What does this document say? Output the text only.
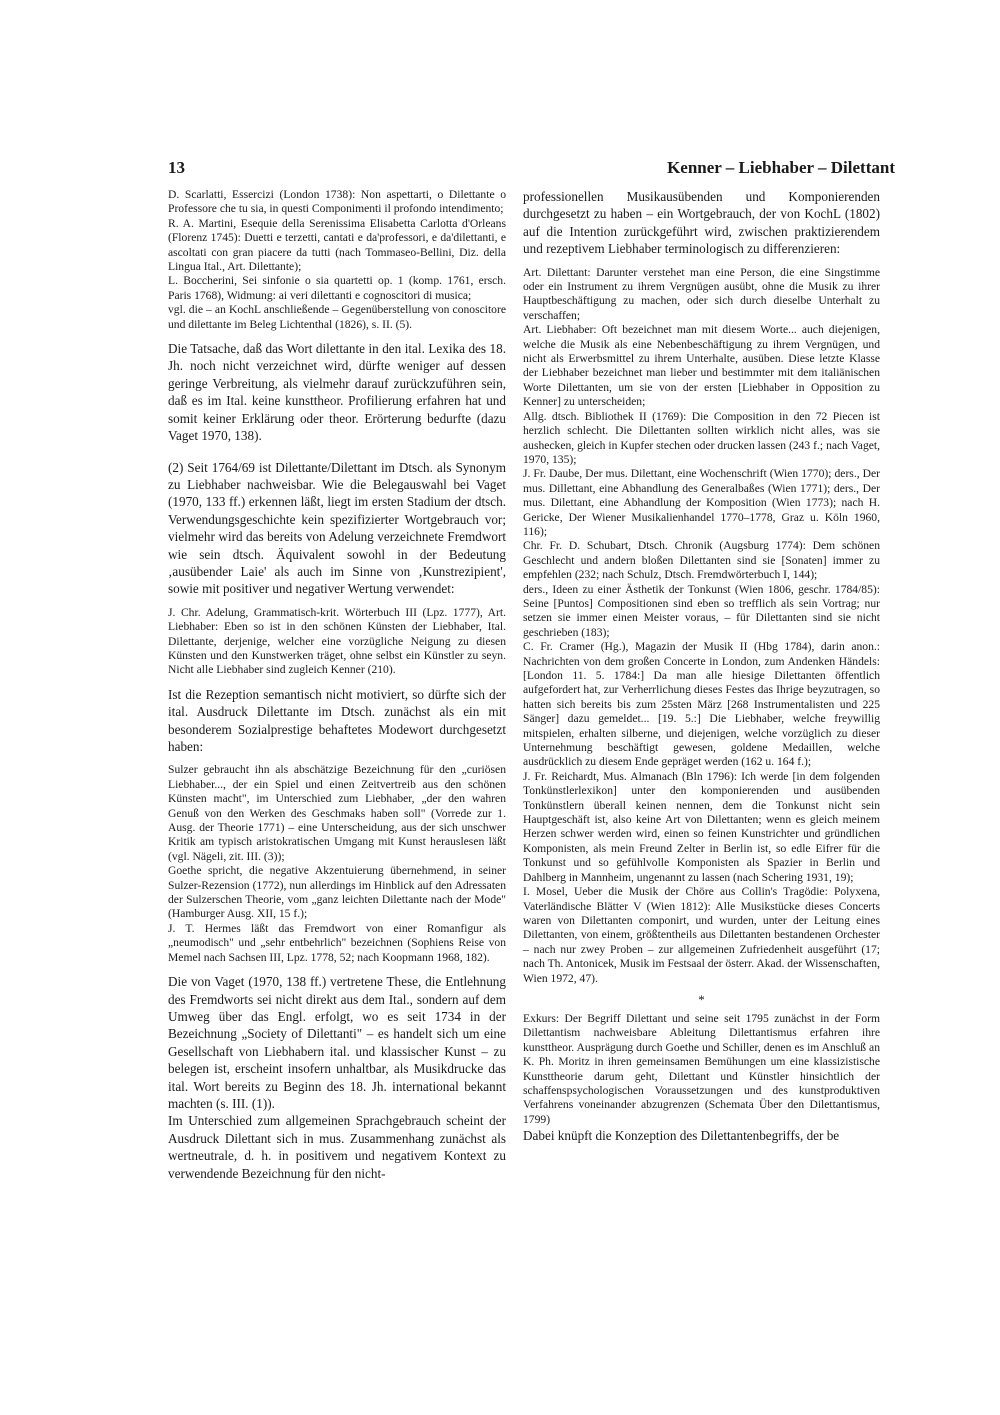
13	Kenner – Liebhaber – Dilettant

D. Scarlatti, Essercizi (London 1738): Non aspettarti, o Dilettante o Professore che tu sia, in questi Componimenti il profondo intendimento;

R. A. Martini, Esequie della Serenissima Elisabetta Carlotta d'Orleans (Florenz 1745): Duetti e terzetti, cantati e da'professori, e da'dilettanti, e ascoltati con gran piacere da tutti (nach Tommaseo-Bellini, Diz. della Lingua Ital., Art. Dilettante);

L. Boccherini, Sei sinfonie o sia quartetti op. 1 (komp. 1761, ersch. Paris 1768), Widmung: ai veri dilettanti e cognoscitori di musica;

vgl. die – an KochL anschließende – Gegenüberstellung von conoscitore und dilettante im Beleg Lichtenthal (1826), s. II. (5).

Die Tatsache, daß das Wort dilettante in den ital. Lexika des 18. Jh. noch nicht verzeichnet wird, dürfte weniger auf dessen geringe Verbreitung, als vielmehr darauf zurückzuführen sein, daß es im Ital. keine kunsttheor. Profilierung erfahren hat und somit keiner Erklärung oder theor. Erörterung bedurfte (dazu Vaget 1970, 138).

(2) Seit 1764/69 ist Dilettante/Dilettant im Dtsch. als Synonym zu Liebhaber nachweisbar. Wie die Belegauswahl bei Vaget (1970, 133 ff.) erkennen läßt, liegt im ersten Stadium der dtsch. Verwendungsgeschichte kein spezifizierter Wortgebrauch vor; vielmehr wird das bereits von Adelung verzeichnete Fremdwort wie sein dtsch. Äquivalent sowohl in der Bedeutung ‚ausübender Laie' als auch im Sinne von ‚Kunstrezipient', sowie mit positiver und negativer Wertung verwendet:

J. Chr. Adelung, Grammatisch-krit. Wörterbuch III (Lpz. 1777), Art. Liebhaber: Eben so ist in den schönen Künsten der Liebhaber, Ital. Dilettante, derjenige, welcher eine vorzügliche Neigung zu diesen Künsten und den Kunstwerken träget, ohne selbst ein Künstler zu seyn. Nicht alle Liebhaber sind zugleich Kenner (210).

Ist die Rezeption semantisch nicht motiviert, so dürfte sich der ital. Ausdruck Dilettante im Dtsch. zunächst als ein mit besonderem Sozialprestige behaftetes Modewort durchgesetzt haben:

Sulzer gebraucht ihn als abschätzige Bezeichnung für den „curiösen Liebhaber..., der ein Spiel und einen Zeitvertreib aus den schönen Künsten macht", im Unterschied zum Liebhaber, „der den wahren Genuß von den Werken des Geschmaks haben soll" (Vorrede zur 1. Ausg. der Theorie 1771) – eine Unterscheidung, aus der sich unschwer Kritik am typisch aristokratischen Umgang mit Kunst herauslesen läßt (vgl. Nägeli, zit. III. (3));

Goethe spricht, die negative Akzentuierung übernehmend, in seiner Sulzer-Rezension (1772), nun allerdings im Hinblick auf den Adressaten der Sulzerschen Theorie, vom „ganz leichten Dilettante nach der Mode" (Hamburger Ausg. XII, 15 f.);

J. T. Hermes läßt das Fremdwort von einer Romanfigur als „neumodisch" und „sehr entbehrlich" bezeichnen (Sophiens Reise von Memel nach Sachsen III, Lpz. 1778, 52; nach Koopmann 1968, 182).

Die von Vaget (1970, 138 ff.) vertretene These, die Entlehnung des Fremdworts sei nicht direkt aus dem Ital., sondern auf dem Umweg über das Engl. erfolgt, wo es seit 1734 in der Bezeichnung „Society of Dilettanti" – es handelt sich um eine Gesellschaft von Liebhabern ital. und klassischer Kunst – zu belegen ist, erscheint insofern unhaltbar, als Musikdrucke das ital. Wort bereits zu Beginn des 18. Jh. international bekannt machten (s. III. (1)).

Im Unterschied zum allgemeinen Sprachgebrauch scheint der Ausdruck Dilettant sich in mus. Zusammenhang zunächst als wertneutrale, d. h. in positivem und negativem Kontext zu verwendende Bezeichnung für den nicht-

professionellen Musikausübenden und Komponierenden durchgesetzt zu haben – ein Wortgebrauch, der von KochL (1802) auf die Intention zurückgeführt wird, zwischen praktizierendem und rezeptivem Liebhaber terminologisch zu differenzieren:

Art. Dilettant: Darunter verstehet man eine Person, die eine Singstimme oder ein Instrument zu ihrem Vergnügen ausübt, ohne die Musik zu ihrer Hauptbeschäftigung zu machen, oder sich durch dieselbe Unterhalt zu verschaffen;

Art. Liebhaber: Oft bezeichnet man mit diesem Worte... auch diejenigen, welche die Musik als eine Nebenbeschäftigung zu ihrem Vergnügen, und nicht als Erwerbsmittel zu ihrem Unterhalte, ausüben. Diese letzte Klasse der Liebhaber bezeichnet man lieber und bestimmter mit dem italiänischen Worte Dilettanten, um sie von der ersten [Liebhaber in Opposition zu Kenner] zu unterscheiden;

Allg. dtsch. Bibliothek II (1769): Die Composition in den 72 Piecen ist herzlich schlecht. Die Dilettanten sollten wirklich nicht alles, was sie aushecken, gleich in Kupfer stechen oder drucken lassen (243 f.; nach Vaget, 1970, 135);

J. Fr. Daube, Der mus. Dilettant, eine Wochenschrift (Wien 1770); ders., Der mus. Dillettant, eine Abhandlung des Generalbaßes (Wien 1771); ders., Der mus. Dilettant, eine Abhandlung der Komposition (Wien 1773); nach H. Gericke, Der Wiener Musikalienhandel 1770–1778, Graz u. Köln 1960, 116);

Chr. Fr. D. Schubart, Dtsch. Chronik (Augsburg 1774): Dem schönen Geschlecht und andern bloßen Dilettanten sind sie [Sonaten] immer zu empfehlen (232; nach Schulz, Dtsch. Fremdwörterbuch I, 144);

ders., Ideen zu einer Ästhetik der Tonkunst (Wien 1806, geschr. 1784/85): Seine [Puntos] Compositionen sind eben so trefflich als sein Vortrag; nur setzen sie immer einen Meister voraus, – für Dilettanten sind sie nicht geschrieben (183);

C. Fr. Cramer (Hg.), Magazin der Musik II (Hbg 1784), darin anon.: Nachrichten von dem großen Concerte in London, zum Andenken Händels: [London 11. 5. 1784:] Da man alle hiesige Dilettanten öffentlich aufgefordert hat, zur Verherrlichung dieses Festes das Ihrige beyzutragen, so hatten sich bereits bis zum 25sten März [268 Instrumentalisten und 225 Sänger] dazu gemeldet... [19. 5.:] Die Liebhaber, welche freywillig mitspielen, erhalten silberne, und diejenigen, welche vorzüglich zu dieser Unternehmung beschäftigt gewesen, goldene Medaillen, welche ausdrücklich zu diesem Ende gepräget werden (162 u. 164 f.);

J. Fr. Reichardt, Mus. Almanach (Bln 1796): Ich werde [in dem folgenden Tonkünstlerlexikon] unter den komponierenden und ausübenden Tonkünstlern überall keinen nennen, dem die Tonkunst nicht sein Hauptgeschäft ist, also keine Art von Dilettanten; wenn es gleich meinem Herzen schwer werden wird, einen so feinen Kunstrichter und gründlichen Komponisten, als mein Freund Zelter in Berlin ist, so edle Eifrer für die Tonkunst und so gefühlvolle Komponisten als Spazier in Berlin und Dahlberg in Mannheim, ungenannt zu lassen (nach Schering 1931, 19);

I. Mosel, Ueber die Musik der Chöre aus Collin's Tragödie: Polyxena, Vaterländische Blätter V (Wien 1812): Alle Musikstücke dieses Concerts waren von Dilettanten componirt, und wurden, unter der Leitung eines Dilettanten, von einem, größtentheils aus Dilettanten bestandenen Orchester – nach nur zwey Proben – zur allgemeinen Zufriedenheit ausgeführt (17; nach Th. Antonicek, Musik im Festsaal der österr. Akad. der Wissenschaften, Wien 1972, 47).

*

Exkurs: Der Begriff Dilettant und seine seit 1795 zunächst in der Form Dilettantism nachweisbare Ableitung Dilettantismus erfahren ihre kunsttheor. Ausprägung durch Goethe und Schiller, denen es im Anschluß an K. Ph. Moritz in ihren gemeinsamen Bemühungen um eine klassizistische Kunsttheorie darum geht, Dilettant und Künstler hinsichtlich der schaffenspsychologischen Voraussetzungen und des kunstproduktiven Verfahrens voneinander abzugrenzen (Schemata Über den Dilettantismus, 1799)

Dabei knüpft die Konzeption des Dilettantenbegriffs, der be
